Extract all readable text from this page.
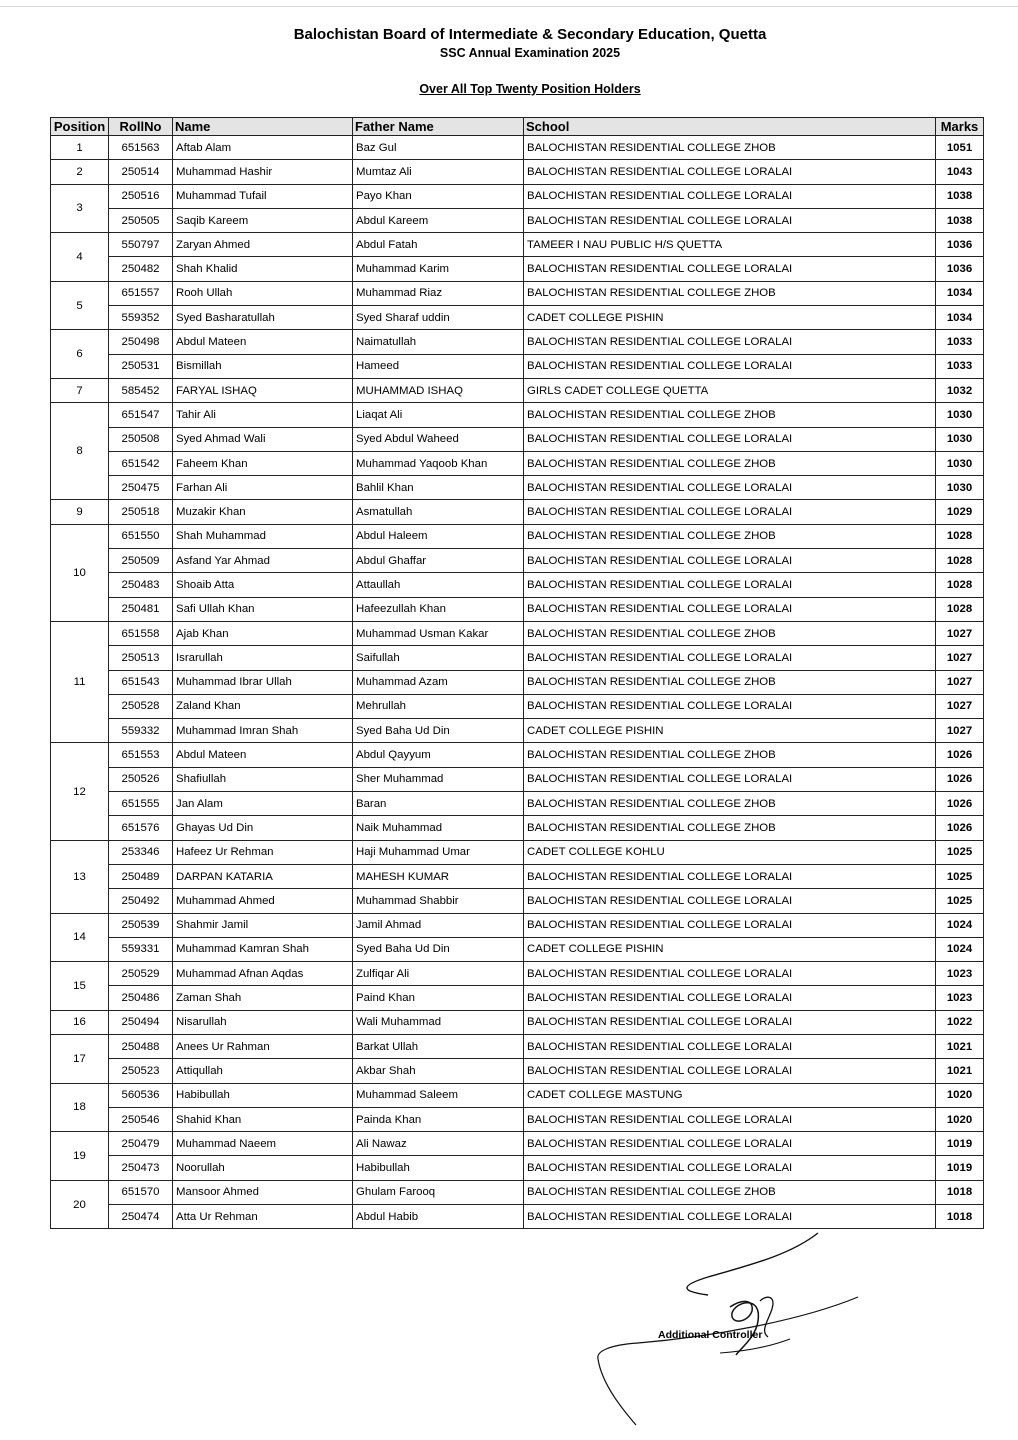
Balochistan Board of Intermediate & Secondary Education, Quetta
SSC Annual Examination 2025
Over All Top Twenty Position Holders
Position	RollNo	Name	Father Name	School	Marks
1	651563	Aftab Alam	Baz Gul	BALOCHISTAN RESIDENTIAL COLLEGE ZHOB	1051
2	250514	Muhammad Hashir	Mumtaz Ali	BALOCHISTAN RESIDENTIAL COLLEGE LORALAI	1043
3	250516	Muhammad Tufail	Payo Khan	BALOCHISTAN RESIDENTIAL COLLEGE LORALAI	1038
	250505	Saqib Kareem	Abdul Kareem	BALOCHISTAN RESIDENTIAL COLLEGE LORALAI	1038
4	550797	Zaryan Ahmed	Abdul Fatah	TAMEER I NAU PUBLIC H/S QUETTA	1036
	250482	Shah Khalid	Muhammad Karim	BALOCHISTAN RESIDENTIAL COLLEGE LORALAI	1036
5	651557	Rooh Ullah	Muhammad Riaz	BALOCHISTAN RESIDENTIAL COLLEGE ZHOB	1034
	559352	Syed Basharatullah	Syed Sharaf uddin	CADET COLLEGE PISHIN	1034
6	250498	Abdul Mateen	Naimatullah	BALOCHISTAN RESIDENTIAL COLLEGE LORALAI	1033
	250531	Bismillah	Hameed	BALOCHISTAN RESIDENTIAL COLLEGE LORALAI	1033
7	585452	FARYAL ISHAQ	MUHAMMAD ISHAQ	GIRLS CADET COLLEGE QUETTA	1032
8	651547	Tahir Ali	Liaqat Ali	BALOCHISTAN RESIDENTIAL COLLEGE ZHOB	1030
	250508	Syed Ahmad Wali	Syed Abdul Waheed	BALOCHISTAN RESIDENTIAL COLLEGE LORALAI	1030
	651542	Faheem Khan	Muhammad Yaqoob Khan	BALOCHISTAN RESIDENTIAL COLLEGE ZHOB	1030
	250475	Farhan Ali	Bahlil Khan	BALOCHISTAN RESIDENTIAL COLLEGE LORALAI	1030
9	250518	Muzakir Khan	Asmatullah	BALOCHISTAN RESIDENTIAL COLLEGE LORALAI	1029
10	651550	Shah Muhammad	Abdul Haleem	BALOCHISTAN RESIDENTIAL COLLEGE ZHOB	1028
	250509	Asfand Yar Ahmad	Abdul Ghaffar	BALOCHISTAN RESIDENTIAL COLLEGE LORALAI	1028
	250483	Shoaib Atta	Attaullah	BALOCHISTAN RESIDENTIAL COLLEGE LORALAI	1028
	250481	Safi Ullah Khan	Hafeezullah Khan	BALOCHISTAN RESIDENTIAL COLLEGE LORALAI	1028
11	651558	Ajab Khan	Muhammad Usman Kakar	BALOCHISTAN RESIDENTIAL COLLEGE ZHOB	1027
	250513	Israrullah	Saifullah	BALOCHISTAN RESIDENTIAL COLLEGE LORALAI	1027
	651543	Muhammad Ibrar Ullah	Muhammad Azam	BALOCHISTAN RESIDENTIAL COLLEGE ZHOB	1027
	250528	Zaland Khan	Mehrullah	BALOCHISTAN RESIDENTIAL COLLEGE LORALAI	1027
	559332	Muhammad Imran Shah	Syed Baha Ud Din	CADET COLLEGE PISHIN	1027
12	651553	Abdul Mateen	Abdul Qayyum	BALOCHISTAN RESIDENTIAL COLLEGE ZHOB	1026
	250526	Shafiullah	Sher Muhammad	BALOCHISTAN RESIDENTIAL COLLEGE LORALAI	1026
	651555	Jan Alam	Baran	BALOCHISTAN RESIDENTIAL COLLEGE ZHOB	1026
	651576	Ghayas Ud Din	Naik Muhammad	BALOCHISTAN RESIDENTIAL COLLEGE ZHOB	1026
13	253346	Hafeez Ur Rehman	Haji Muhammad Umar	CADET COLLEGE KOHLU	1025
	250489	DARPAN KATARIA	MAHESH KUMAR	BALOCHISTAN RESIDENTIAL COLLEGE LORALAI	1025
	250492	Muhammad Ahmed	Muhammad Shabbir	BALOCHISTAN RESIDENTIAL COLLEGE LORALAI	1025
14	250539	Shahmir Jamil	Jamil Ahmad	BALOCHISTAN RESIDENTIAL COLLEGE LORALAI	1024
	559331	Muhammad Kamran Shah	Syed Baha Ud Din	CADET COLLEGE PISHIN	1024
15	250529	Muhammad Afnan Aqdas	Zulfiqar Ali	BALOCHISTAN RESIDENTIAL COLLEGE LORALAI	1023
	250486	Zaman Shah	Paind Khan	BALOCHISTAN RESIDENTIAL COLLEGE LORALAI	1023
16	250494	Nisarullah	Wali Muhammad	BALOCHISTAN RESIDENTIAL COLLEGE LORALAI	1022
17	250488	Anees Ur Rahman	Barkat Ullah	BALOCHISTAN RESIDENTIAL COLLEGE LORALAI	1021
	250523	Attiqullah	Akbar Shah	BALOCHISTAN RESIDENTIAL COLLEGE LORALAI	1021
18	560536	Habibullah	Muhammad Saleem	CADET COLLEGE MASTUNG	1020
	250546	Shahid Khan	Painda Khan	BALOCHISTAN RESIDENTIAL COLLEGE LORALAI	1020
19	250479	Muhammad Naeem	Ali Nawaz	BALOCHISTAN RESIDENTIAL COLLEGE LORALAI	1019
	250473	Noorullah	Habibullah	BALOCHISTAN RESIDENTIAL COLLEGE LORALAI	1019
20	651570	Mansoor Ahmed	Ghulam Farooq	BALOCHISTAN RESIDENTIAL COLLEGE ZHOB	1018
	250474	Atta Ur Rehman	Abdul Habib	BALOCHISTAN RESIDENTIAL COLLEGE LORALAI	1018
Additional Controller
